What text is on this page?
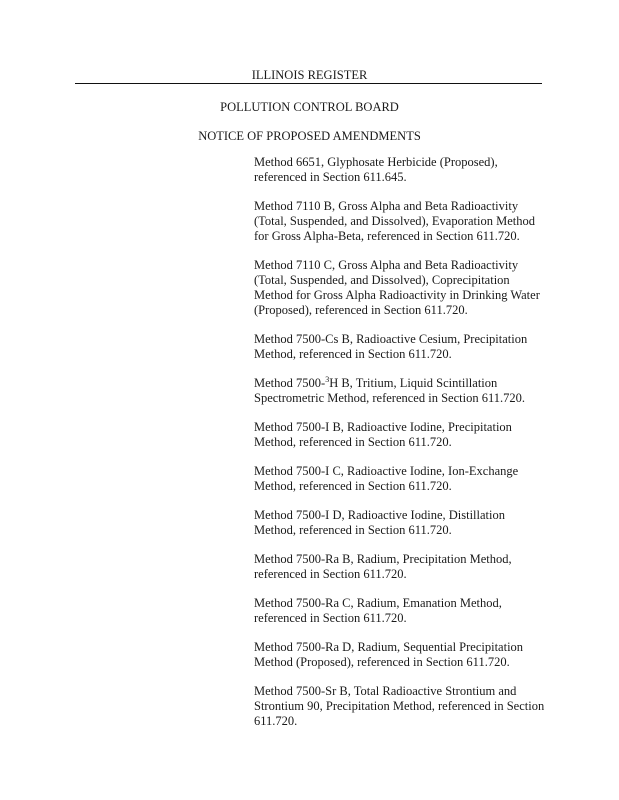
ILLINOIS REGISTER
POLLUTION CONTROL BOARD
NOTICE OF PROPOSED AMENDMENTS

Method 6651, Glyphosate Herbicide (Proposed), referenced in Section 611.645.

Method 7110 B, Gross Alpha and Beta Radioactivity (Total, Suspended, and Dissolved), Evaporation Method for Gross Alpha-Beta, referenced in Section 611.720.

Method 7110 C, Gross Alpha and Beta Radioactivity (Total, Suspended, and Dissolved), Coprecipitation Method for Gross Alpha Radioactivity in Drinking Water (Proposed), referenced in Section 611.720.

Method 7500-Cs B, Radioactive Cesium, Precipitation Method, referenced in Section 611.720.

Method 7500-$^3$H B, Tritium, Liquid Scintillation Spectrometric Method, referenced in Section 611.720.

Method 7500-I B, Radioactive Iodine, Precipitation Method, referenced in Section 611.720.

Method 7500-I C, Radioactive Iodine, Ion-Exchange Method, referenced in Section 611.720.

Method 7500-I D, Radioactive Iodine, Distillation Method, referenced in Section 611.720.

Method 7500-Ra B, Radium, Precipitation Method, referenced in Section 611.720.

Method 7500-Ra C, Radium, Emanation Method, referenced in Section 611.720.

Method 7500-Ra D, Radium, Sequential Precipitation Method (Proposed), referenced in Section 611.720.

Method 7500-Sr B, Total Radioactive Strontium and Strontium 90, Precipitation Method, referenced in Section 611.720.
